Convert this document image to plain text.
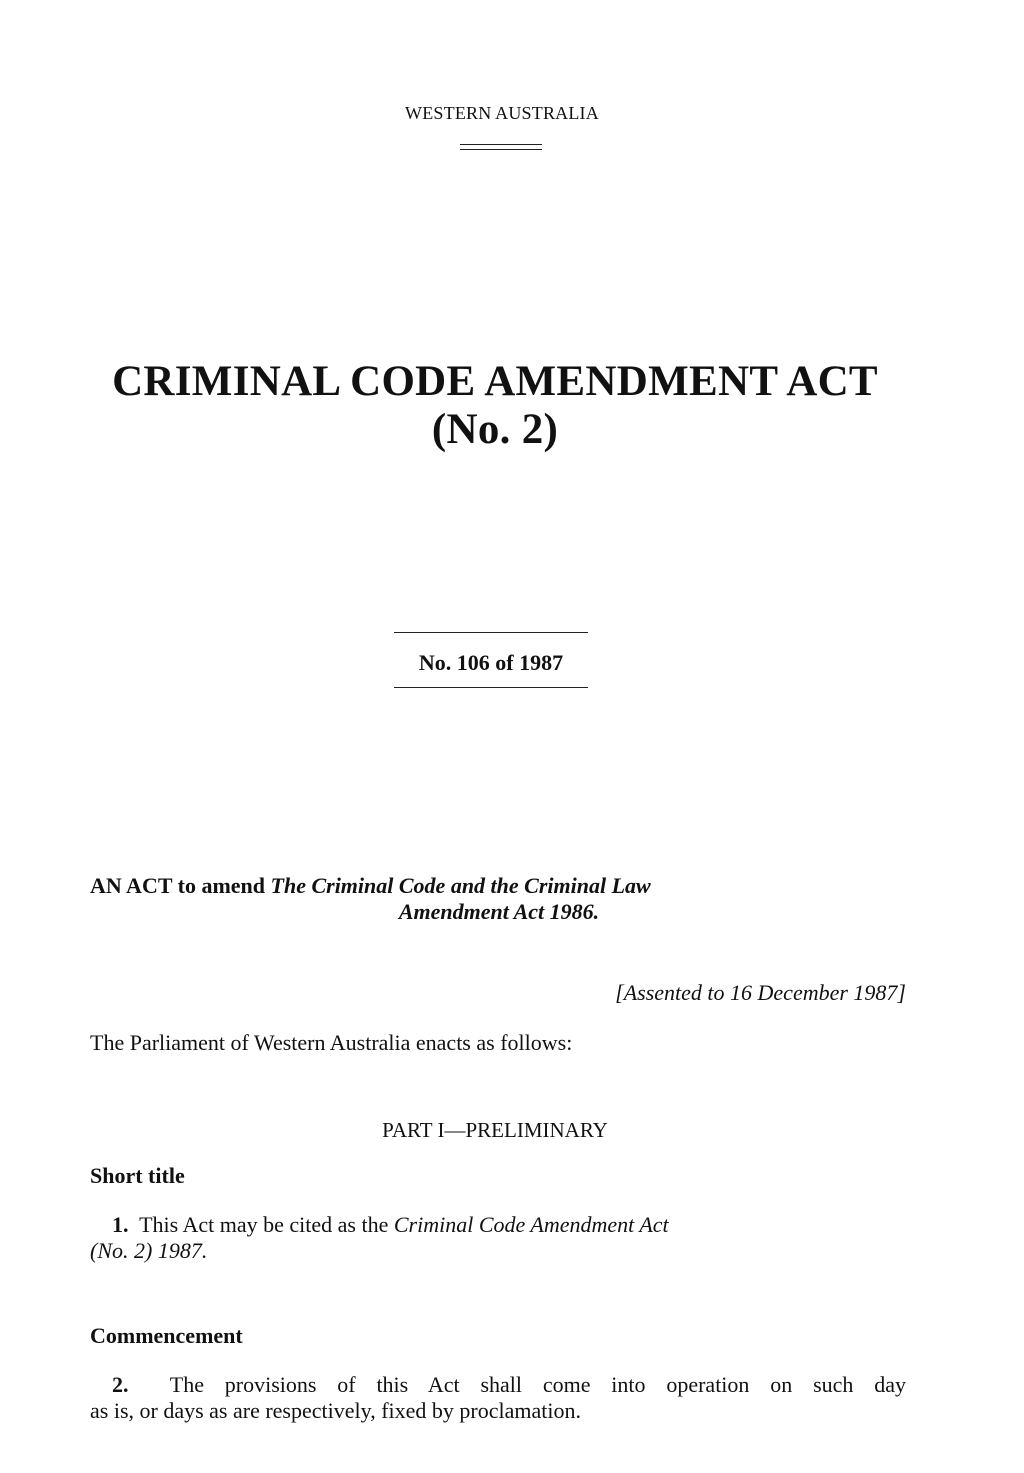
WESTERN AUSTRALIA
CRIMINAL CODE AMENDMENT ACT
(No. 2)
No. 106 of 1987
AN ACT to amend The Criminal Code and the Criminal Law
Amendment Act 1986.
[Assented to 16 December 1987]
The Parliament of Western Australia enacts as follows:
PART I—PRELIMINARY
Short title
1. This Act may be cited as the Criminal Code Amendment Act
(No. 2) 1987.
Commencement
2. The provisions of this Act shall come into operation on such day
as is, or days as are respectively, fixed by proclamation.
